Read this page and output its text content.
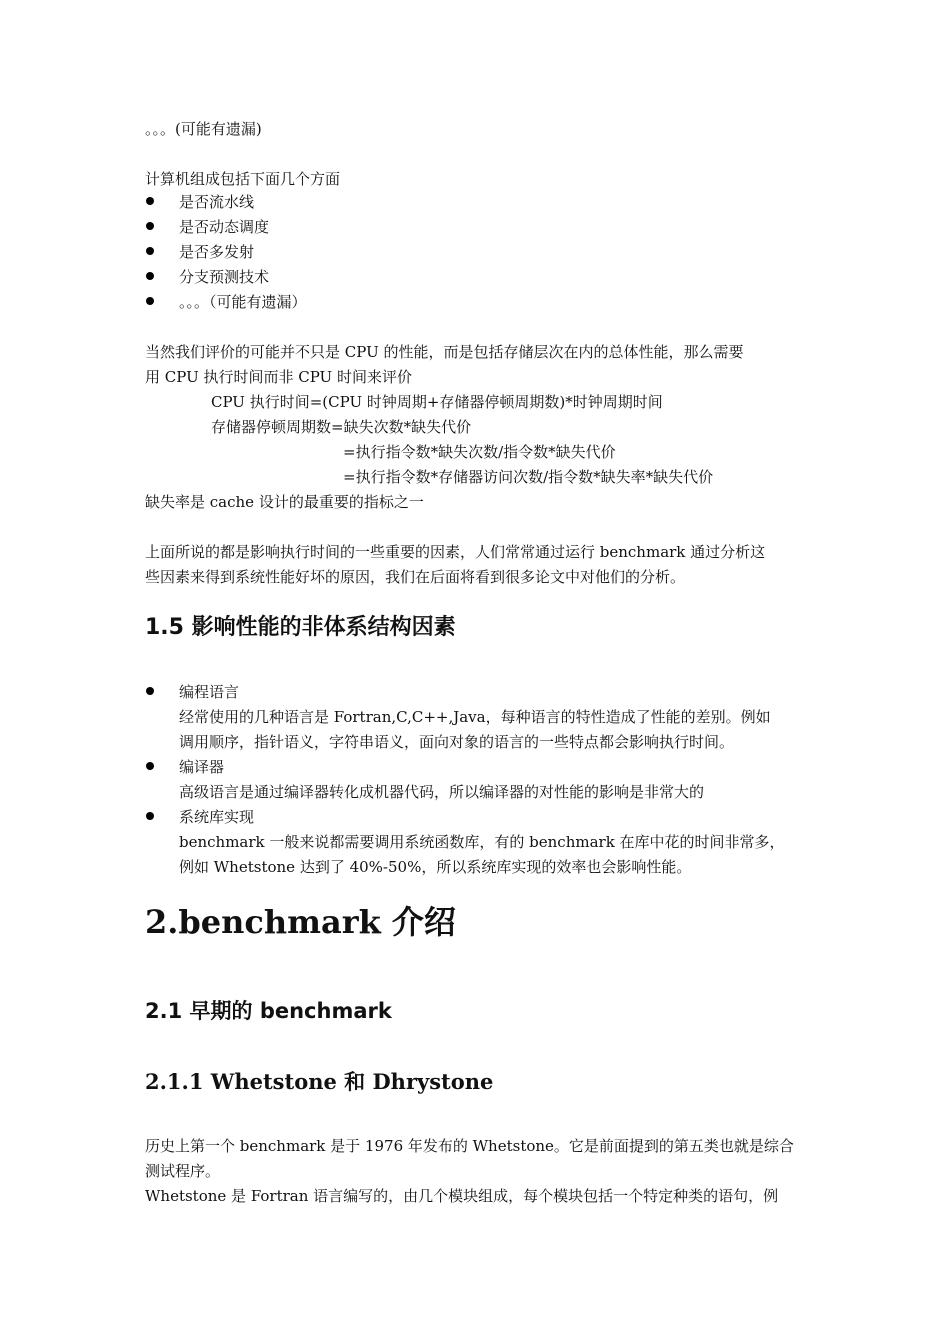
。。。(可能有遗漏)
计算机组成包括下面几个方面
是否流水线
是否动态调度
是否多发射
分支预测技术
。。。（可能有遗漏）
当然我们评价的可能并不只是 CPU 的性能，而是包括存储层次在内的总体性能，那么需要
用 CPU 执行时间而非 CPU 时间来评价
CPU 执行时间=(CPU 时钟周期+存储器停顿周期数)*时钟周期时间
存储器停顿周期数=缺失次数*缺失代价
=执行指令数*缺失次数/指令数*缺失代价
=执行指令数*存储器访问次数/指令数*缺失率*缺失代价
缺失率是 cache 设计的最重要的指标之一
上面所说的都是影响执行时间的一些重要的因素，人们常常通过运行 benchmark 通过分析这
些因素来得到系统性能好坏的原因，我们在后面将看到很多论文中对他们的分析。
1.5 影响性能的非体系结构因素
编程语言
经常使用的几种语言是 Fortran,C,C++,Java，每种语言的特性造成了性能的差别。例如
调用顺序，指针语义，字符串语义，面向对象的语言的一些特点都会影响执行时间。
编译器
高级语言是通过编译器转化成机器代码，所以编译器的对性能的影响是非常大的
系统库实现
benchmark 一般来说都需要调用系统函数库，有的 benchmark 在库中花的时间非常多，
例如 Whetstone 达到了 40%-50%，所以系统库实现的效率也会影响性能。
2.benchmark 介绍
2.1 早期的 benchmark
2.1.1 Whetstone 和 Dhrystone
历史上第一个 benchmark 是于 1976 年发布的 Whetstone。它是前面提到的第五类也就是综合
测试程序。
Whetstone 是 Fortran 语言编写的，由几个模块组成，每个模块包括一个特定种类的语句，例
